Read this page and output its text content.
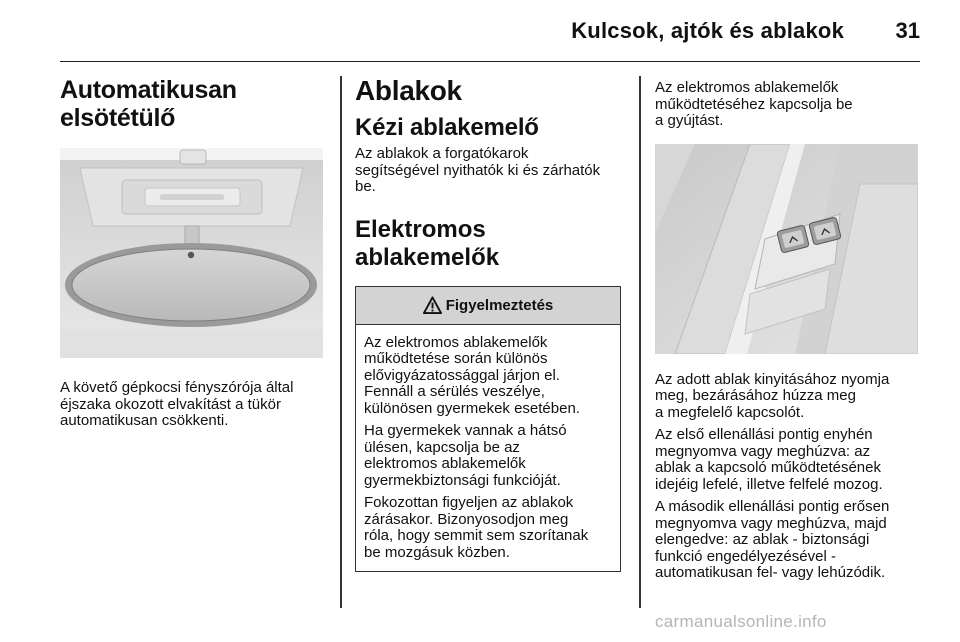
Kulcsok, ajtók és ablakok 31
Automatikusan elsötétülő
A követő gépkocsi fényszórója által
éjszaka okozott elvakítást a tükör
automatikusan csökkenti.
Ablakok
Kézi ablakemelő
Az ablakok a forgatókarok
segítségével nyithatók ki és zárhatók
be.
Elektromos ablakemelők
Figyelmeztetés
Az elektromos ablakemelők
működtetése során különös
elővigyázatossággal járjon el.
Fennáll a sérülés veszélye,
különösen gyermekek esetében.
Ha gyermekek vannak a hátsó
ülésen, kapcsolja be az
elektromos ablakemelők
gyermekbiztonsági funkcióját.
Fokozottan figyeljen az ablakok
zárásakor. Bizonyosodjon meg
róla, hogy semmit sem szorítanak
be mozgásuk közben.
Az elektromos ablakemelők
működtetéséhez kapcsolja be
a gyújtást.
Az adott ablak kinyitásához nyomja
meg, bezárásához húzza meg
a megfelelő kapcsolót.
Az első ellenállási pontig enyhén
megnyomva vagy meghúzva: az
ablak a kapcsoló működtetésének
idejéig lefelé, illetve felfelé mozog.
A második ellenállási pontig erősen
megnyomva vagy meghúzva, majd
elengedve: az ablak - biztonsági
funkció engedélyezésével -
automatikusan fel- vagy lehúzódik.
carmanualsonline.info
